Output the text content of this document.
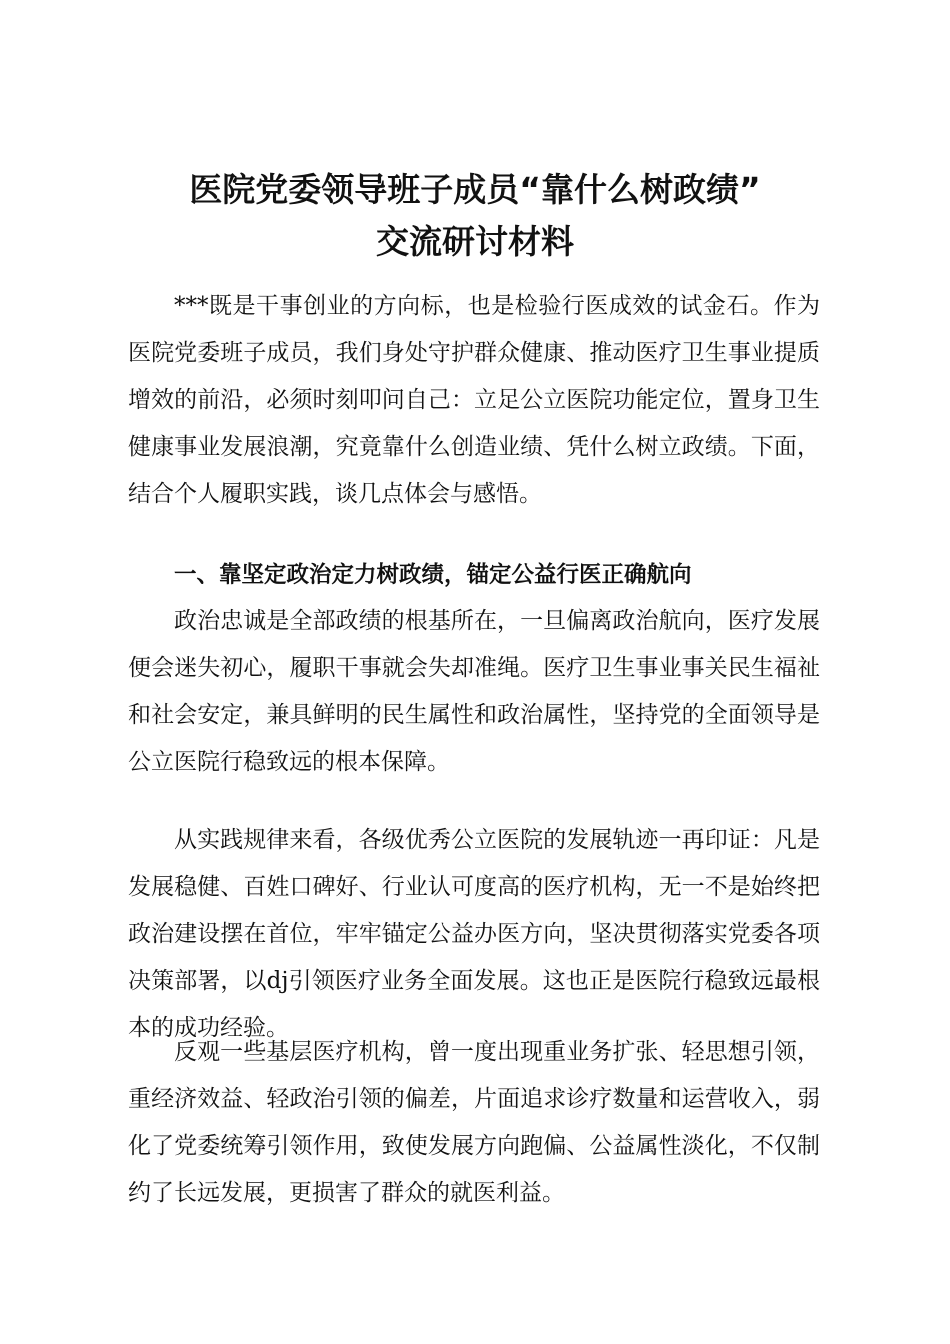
医院党委领导班子成员“靠什么树政绩”
交流研讨材料

***既是干事创业的方向标，也是检验行医成效的试金石。作为医院党委班子成员，我们身处守护群众健康、推动医疗卫生事业提质增效的前沿，必须时刻叩问自己：立足公立医院功能定位，置身卫生健康事业发展浪潮，究竟靠什么创造业绩、凭什么树立政绩。下面，结合个人履职实践，谈几点体会与感悟。

一、靠坚定政治定力树政绩，锚定公益行医正确航向

政治忠诚是全部政绩的根基所在，一旦偏离政治航向，医疗发展便会迷失初心，履职干事就会失却准绳。医疗卫生事业事关民生福祉和社会安定，兼具鲜明的民生属性和政治属性，坚持党的全面领导是公立医院行稳致远的根本保障。

从实践规律来看，各级优秀公立医院的发展轨迹一再印证：凡是发展稳健、百姓口碑好、行业认可度高的医疗机构，无一不是始终把政治建设摆在首位，牢牢锚定公益办医方向，坚决贯彻落实党委各项决策部署，以dj引领医疗业务全面发展。这也正是医院行稳致远最根本的成功经验。

反观一些基层医疗机构，曾一度出现重业务扩张、轻思想引领，重经济效益、轻政治引领的偏差，片面追求诊疗数量和运营收入，弱化了党委统筹引领作用，致使发展方向跑偏、公益属性淡化，不仅制约了长远发展，更损害了群众的就医利益。
